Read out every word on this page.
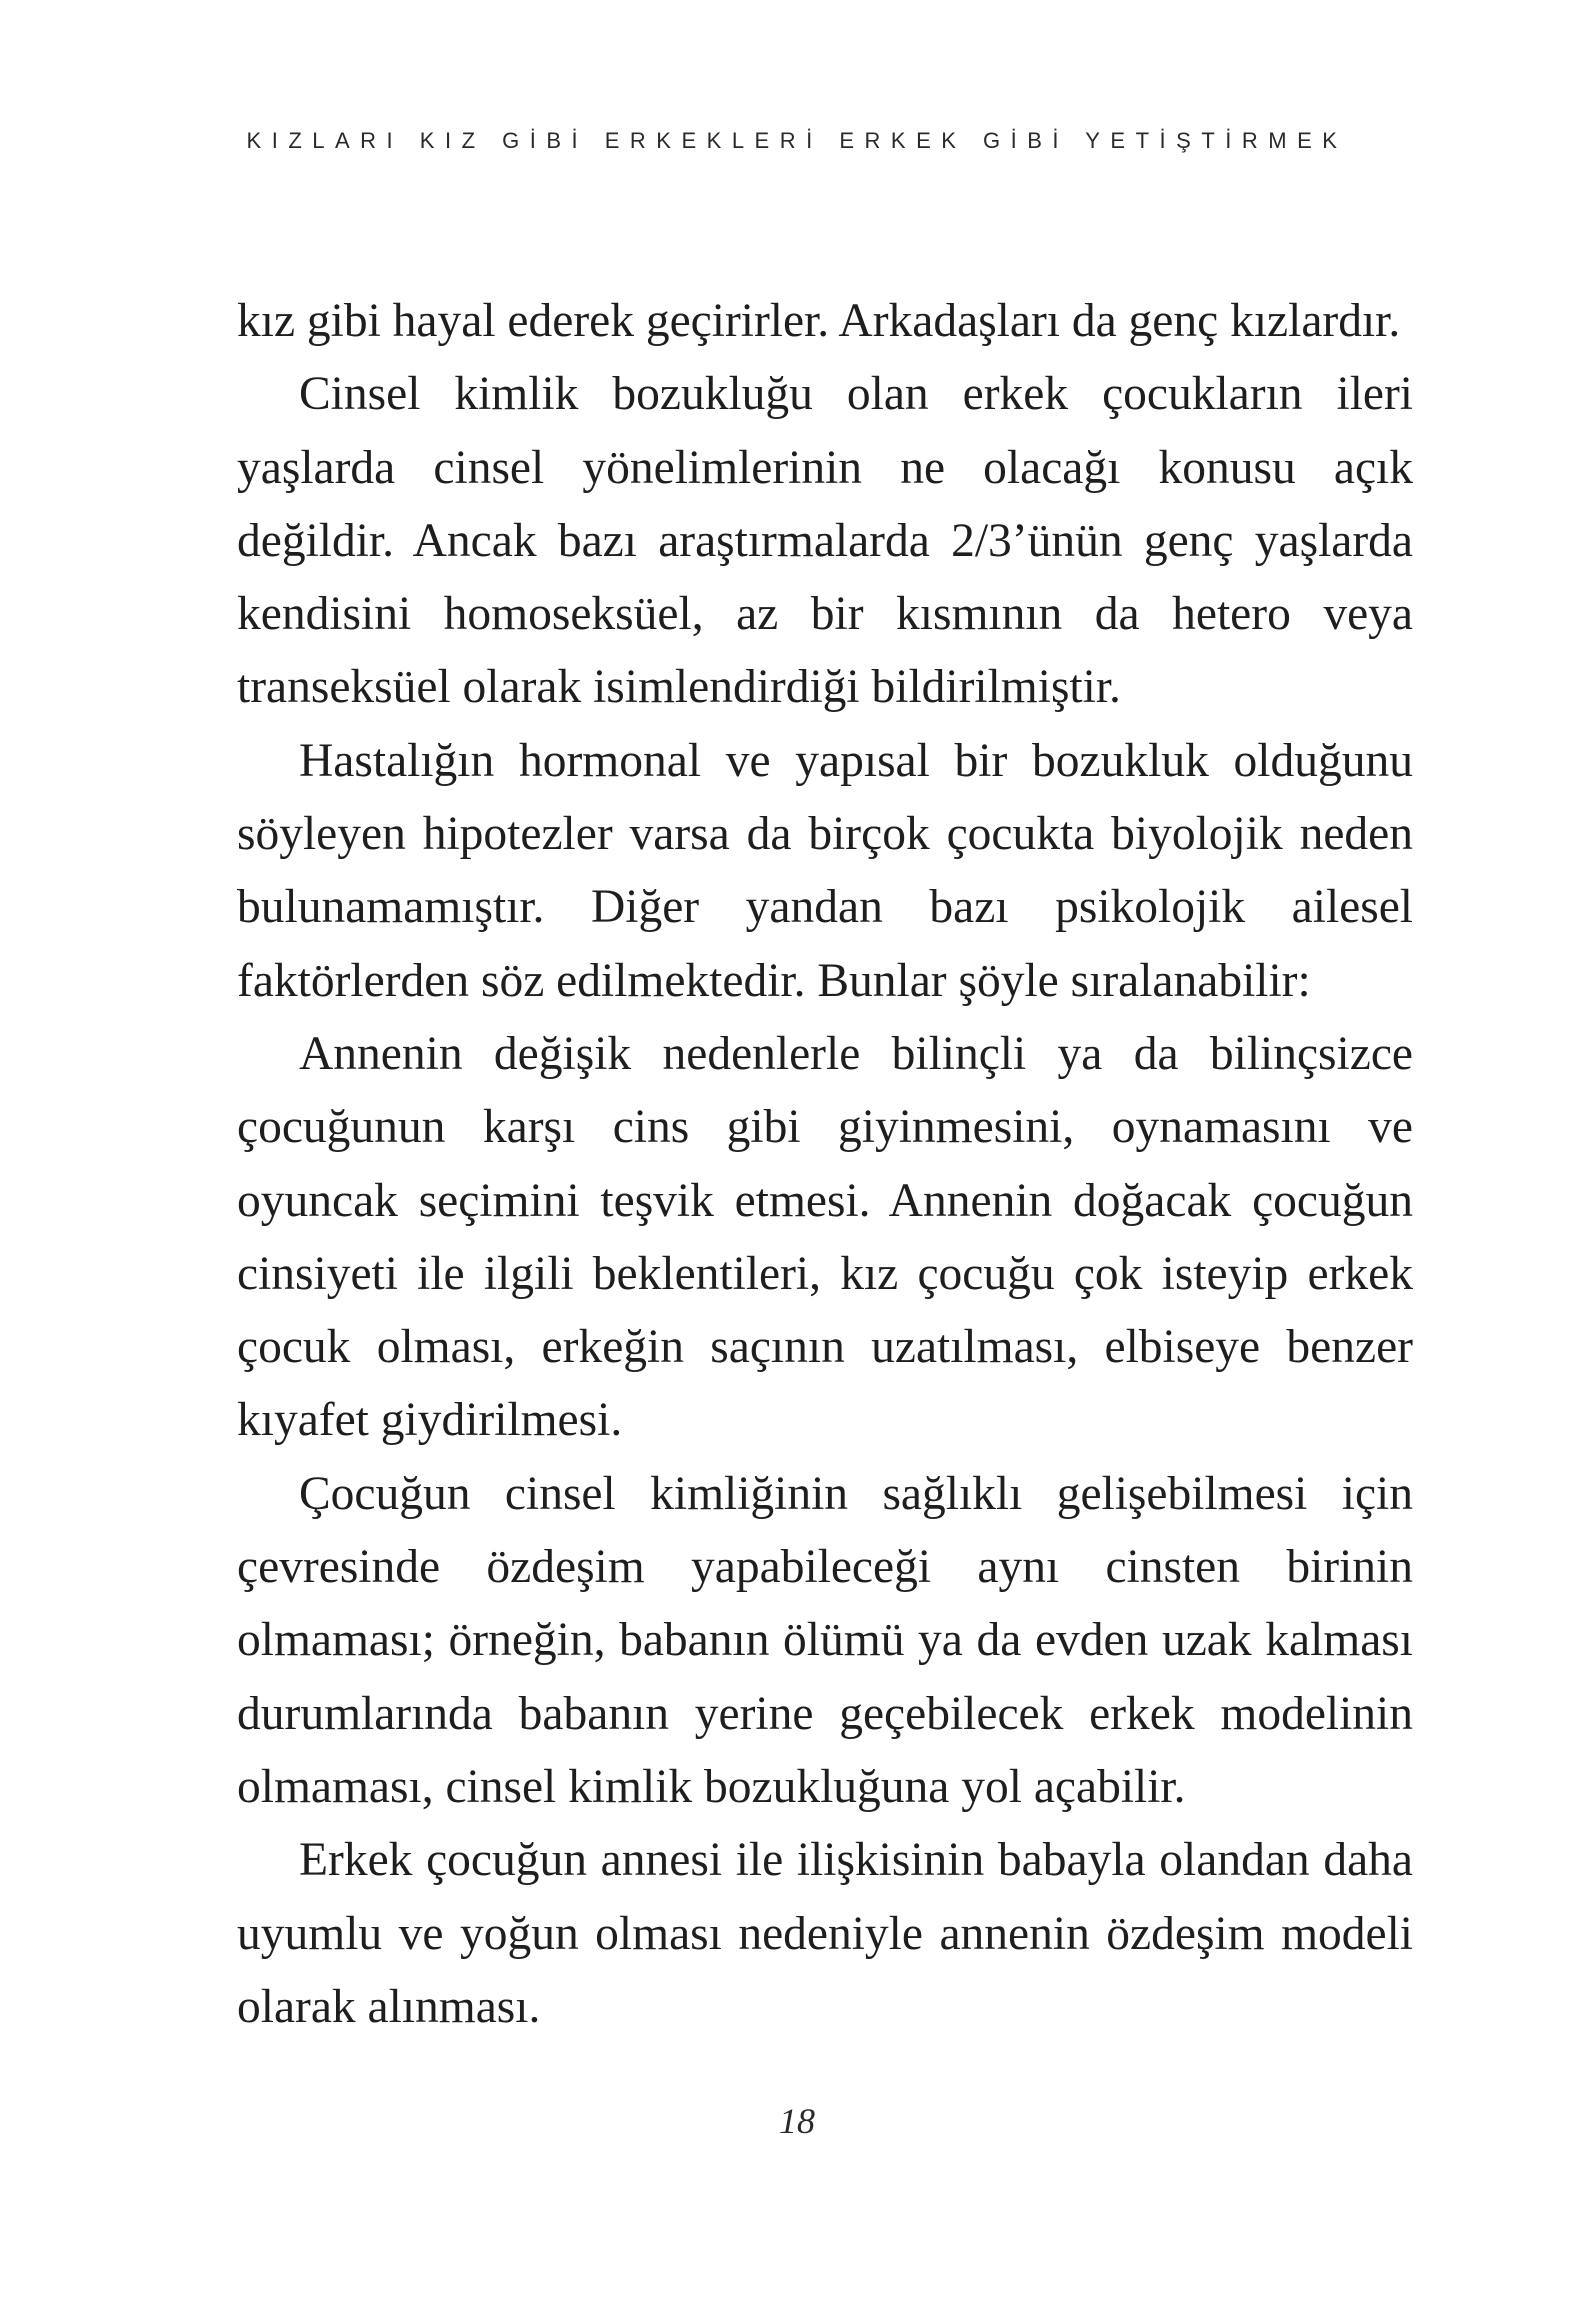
KIZLARI KIZ GİBİ ERKEKLERİ ERKEK GİBİ YETİŞTİRMEK

kız gibi hayal ederek geçirirler. Arkadaşları da genç kızlardır.

Cinsel kimlik bozukluğu olan erkek çocukların ileri yaşlarda cinsel yönelimlerinin ne olacağı konusu açık değildir. Ancak bazı araştırmalarda 2/3’ünün genç yaşlarda kendisini homoseksüel, az bir kısmının da hetero veya transeksüel olarak isimlendirdiği bildirilmiştir.

Hastalığın hormonal ve yapısal bir bozukluk olduğunu söyleyen hipotezler varsa da birçok çocukta biyolojik neden bulunamamıştır. Diğer yandan bazı psikolojik ailesel faktörlerden söz edilmektedir. Bunlar şöyle sıralanabilir:

Annenin değişik nedenlerle bilinçli ya da bilinçsizce çocuğunun karşı cins gibi giyinmesini, oynamasını ve oyuncak seçimini teşvik etmesi. Annenin doğacak çocuğun cinsiyeti ile ilgili beklentileri, kız çocuğu çok isteyip erkek çocuk olması, erkeğin saçının uzatılması, elbiseye benzer kıyafet giydirilmesi.

Çocuğun cinsel kimliğinin sağlıklı gelişebilmesi için çevresinde özdeşim yapabileceği aynı cinsten birinin olmaması; örneğin, babanın ölümü ya da evden uzak kalması durumlarında babanın yerine geçebilecek erkek modelinin olmaması, cinsel kimlik bozukluğuna yol açabilir.

Erkek çocuğun annesi ile ilişkisinin babayla olandan daha uyumlu ve yoğun olması nedeniyle annenin özdeşim modeli olarak alınması.

18
